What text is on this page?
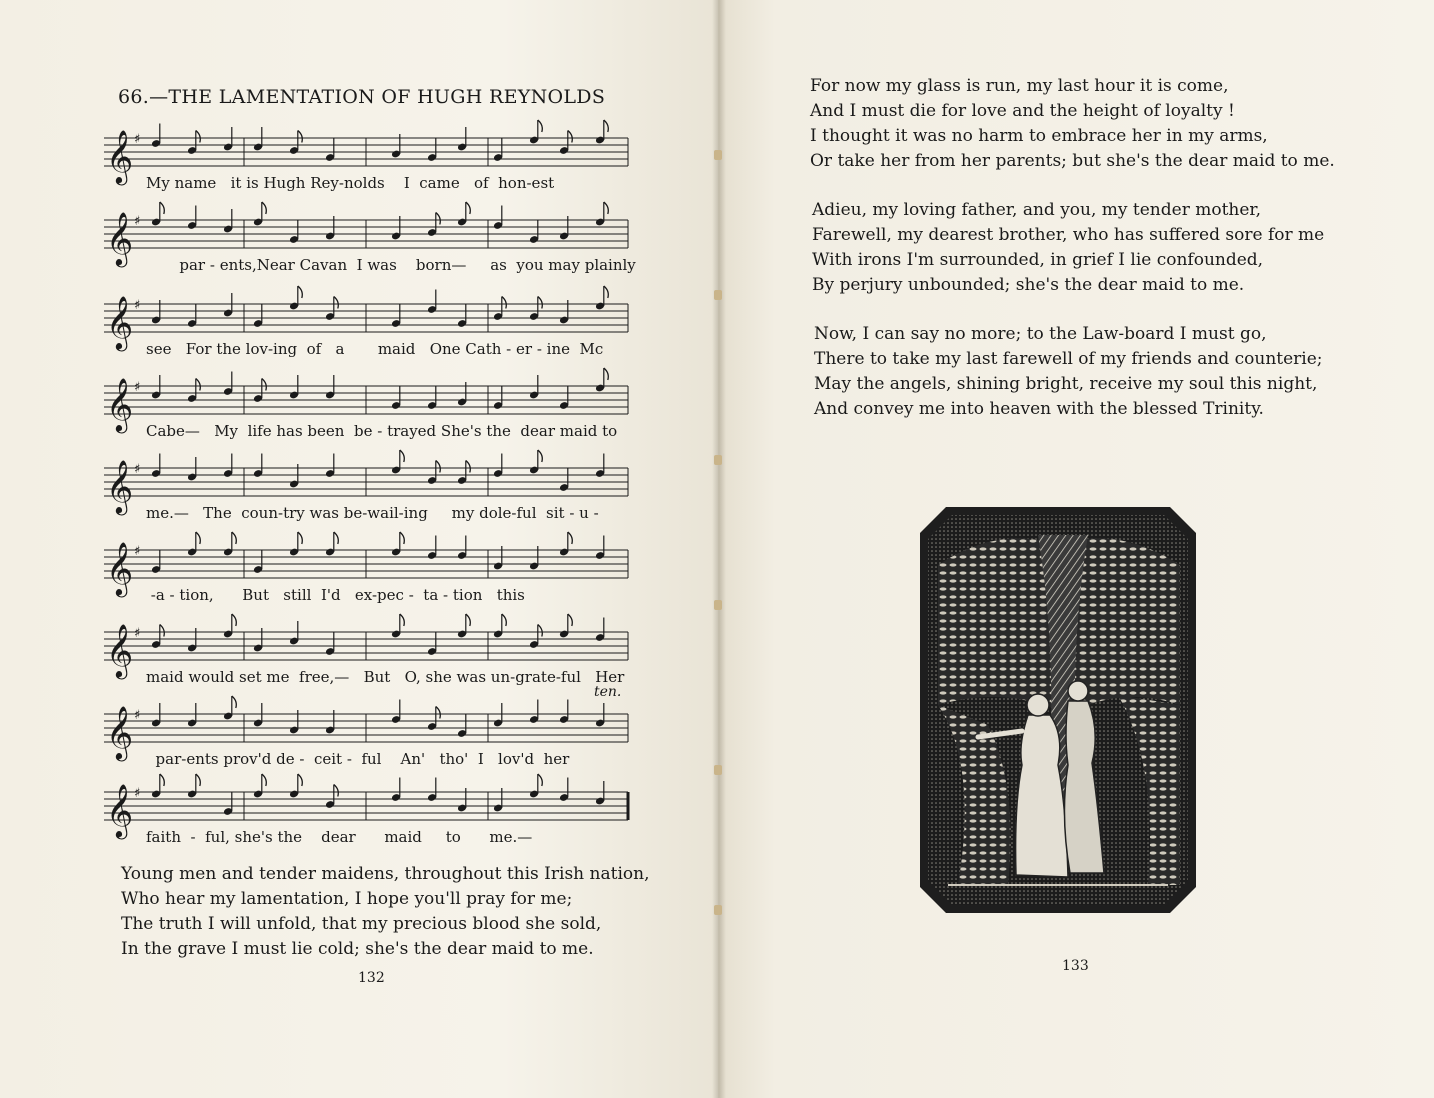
66.—THE LAMENTATION OF HUGH REYNOLDS
𝄞 ♯
My name   it is Hugh Rey-nolds    I  came   of  hon-est
𝄞 ♯
par - ents,Near Cavan  I was    born—     as  you may plainly
𝄞 ♯
see   For the lov-ing  of   a       maid   One Cath - er - ine  Mc
𝄞 ♯
Cabe—   My  life has been  be - trayed She's the  dear maid to
𝄞 ♯
me.—   The  coun-try was be-wail-ing     my dole-ful  sit - u -
𝄞 ♯
-a - tion,      But   still  I'd   ex-pec -  ta - tion   this
𝄞 ♯
maid would set me  free,—   But   O, she was un-grate-ful   Her
𝄞 ♯
par-ents prov'd de -  ceit -  ful    An'   tho'  I   lov'd  her
𝄞 ♯
faith  -  ful, she's the    dear      maid     to      me.—
ten.
Young men and tender maidens, throughout this Irish nation,
Who hear my lamentation, I hope you'll pray for me;
The truth I will unfold, that my precious blood she sold,
In the grave I must lie cold; she's the dear maid to me.
132
For now my glass is run, my last hour it is come,
And I must die for love and the height of loyalty !
I thought it was no harm to embrace her in my arms,
Or take her from her parents; but she's the dear maid to me.
Adieu, my loving father, and you, my tender mother,
Farewell, my dearest brother, who has suffered sore for me
With irons I'm surrounded, in grief I lie confounded,
By perjury unbounded; she's the dear maid to me.
Now, I can say no more; to the Law-board I must go,
There to take my last farewell of my friends and counterie;
May the angels, shining bright, receive my soul this night,
And convey me into heaven with the blessed Trinity.
133
